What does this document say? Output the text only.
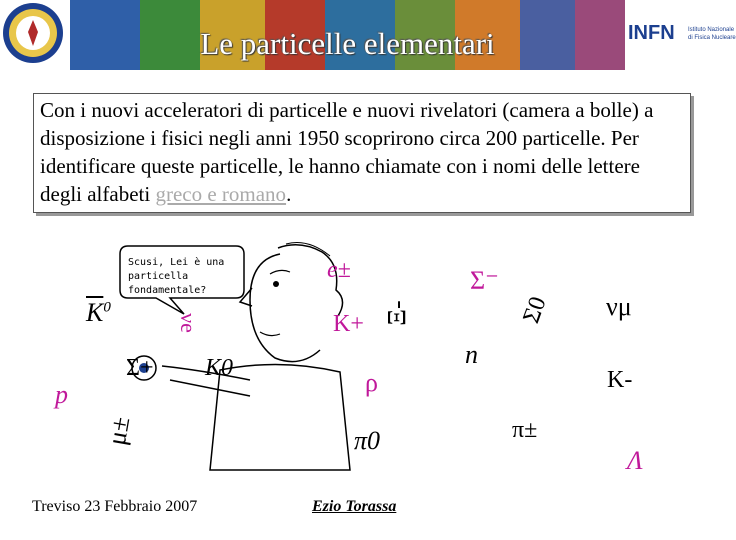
Le particelle elementari	INFN Istituto Nazionale
di Fisica Nucleare
Con i nuovi acceleratori di particelle e nuovi rivelatori (camera a bolle) a disposizione i fisici negli anni 1950 scoprirono circa 200 particelle. Per identificare queste particelle, le hanno chiamate con i nomi delle lettere degli alfabeti greco e romano.
Scusi, Lei è una
particella
fondamentale?
e±	Σ⁻
νμ
$\overline{K}^0$
νe	K+ Ξ-	Σ0
Σ+ K0	n
p	ρ	K-
μ±	π±
π0
Λ
Treviso 23 Febbraio 2007	Ezio Torassa
